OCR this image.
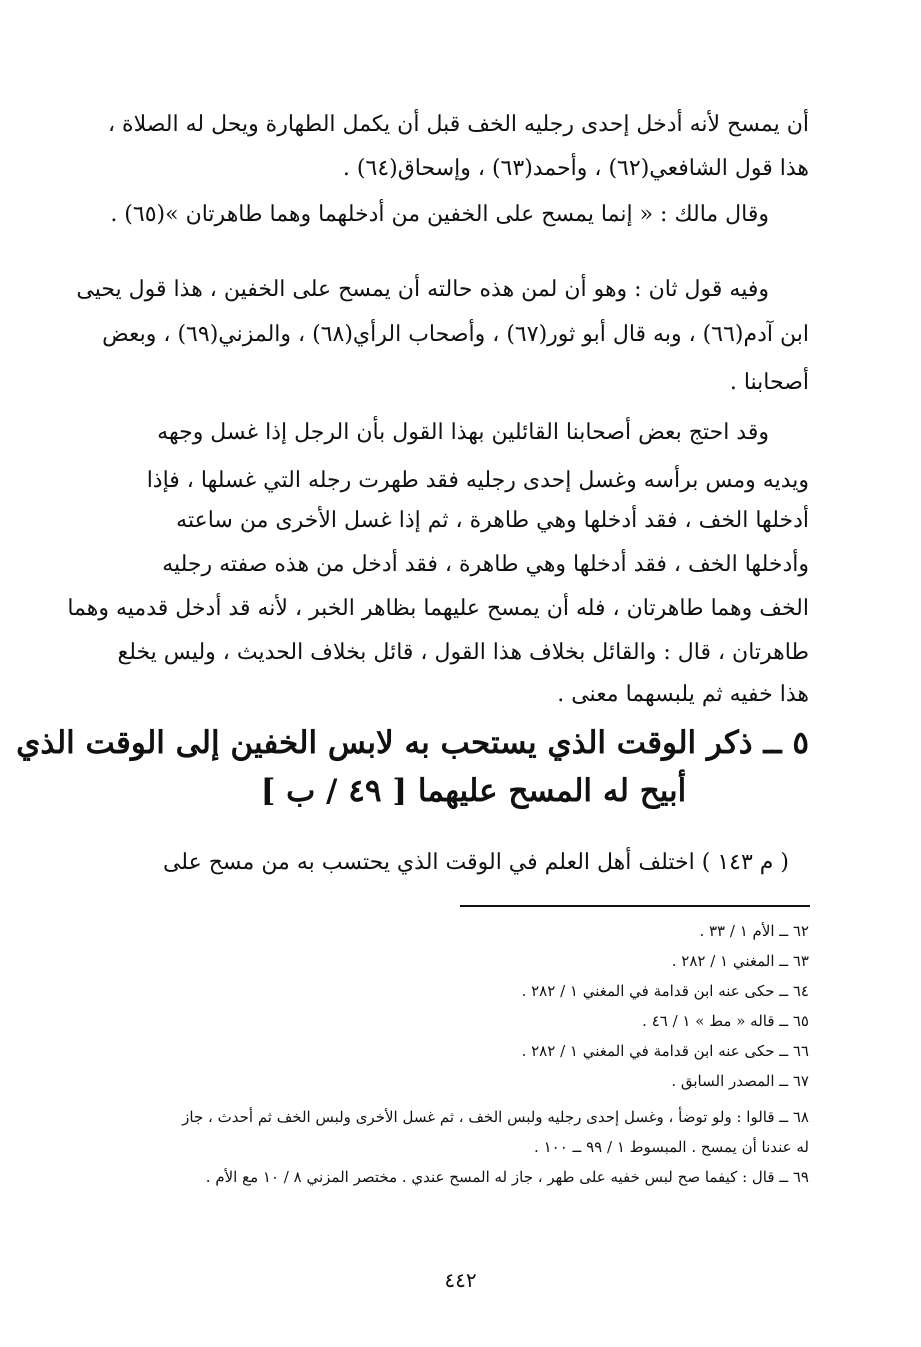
أن يمسح لأنه أدخل إحدى رجليه الخف قبل أن يكمل الطهارة ويحل له الصلاة ،
هذا قول الشافعي(٦٢) ، وأحمد(٦٣) ، وإسحاق(٦٤) .
وقال مالك : « إنما يمسح على الخفين من أدخلهما وهما طاهرتان »(٦٥) .
وفيه قول ثان : وهو أن لمن هذه حالته أن يمسح على الخفين ، هذا قول يحيى
ابن آدم(٦٦) ، وبه قال أبو ثور(٦٧) ، وأصحاب الرأي(٦٨) ، والمزني(٦٩) ، وبعض
أصحابنا .
وقد احتج بعض أصحابنا القائلين بهذا القول بأن الرجل إذا غسل وجهه
ويديه ومس برأسه وغسل إحدى رجليه فقد طهرت رجله التي غسلها ، فإذا
أدخلها الخف ، فقد أدخلها وهي طاهرة ، ثم إذا غسل الأخرى من ساعته
وأدخلها الخف ، فقد أدخلها وهي طاهرة ، فقد أدخل من هذه صفته رجليه
الخف وهما طاهرتان ، فله أن يمسح عليهما بظاهر الخبر ، لأنه قد أدخل قدميه وهما
طاهرتان ، قال : والقائل بخلاف هذا القول ، قائل بخلاف الحديث ، وليس يخلع
هذا خفيه ثم يلبسهما معنى .
٥ ــ ذكر الوقت الذي يستحب به لابس الخفين إلى الوقت الذي
أبيح له المسح عليهما [ ٤٩ / ب ]
( م ١٤٣ ) اختلف أهل العلم في الوقت الذي يحتسب به من مسح على
٦٢ ــ الأم ١ / ٣٣ .
٦٣ ــ المغني ١ / ٢٨٢ .
٦٤ ــ حكى عنه ابن قدامة في المغني ١ / ٢٨٢ .
٦٥ ــ قاله « مط » ١ / ٤٦ .
٦٦ ــ حكى عنه ابن قدامة في المغني ١ / ٢٨٢ .
٦٧ ــ المصدر السابق .
٦٨ ــ قالوا : ولو توضأ ، وغسل إحدى رجليه ولبس الخف ، ثم غسل الأخرى ولبس الخف ثم أحدث ، جاز
له عندنا أن يمسح . المبسوط ١ / ٩٩ ــ ١٠٠ .
٦٩ ــ قال : كيفما صح لبس خفيه على طهر ، جاز له المسح عندي . مختصر المزني ٨ / ١٠ مع الأم .
٤٤٢
